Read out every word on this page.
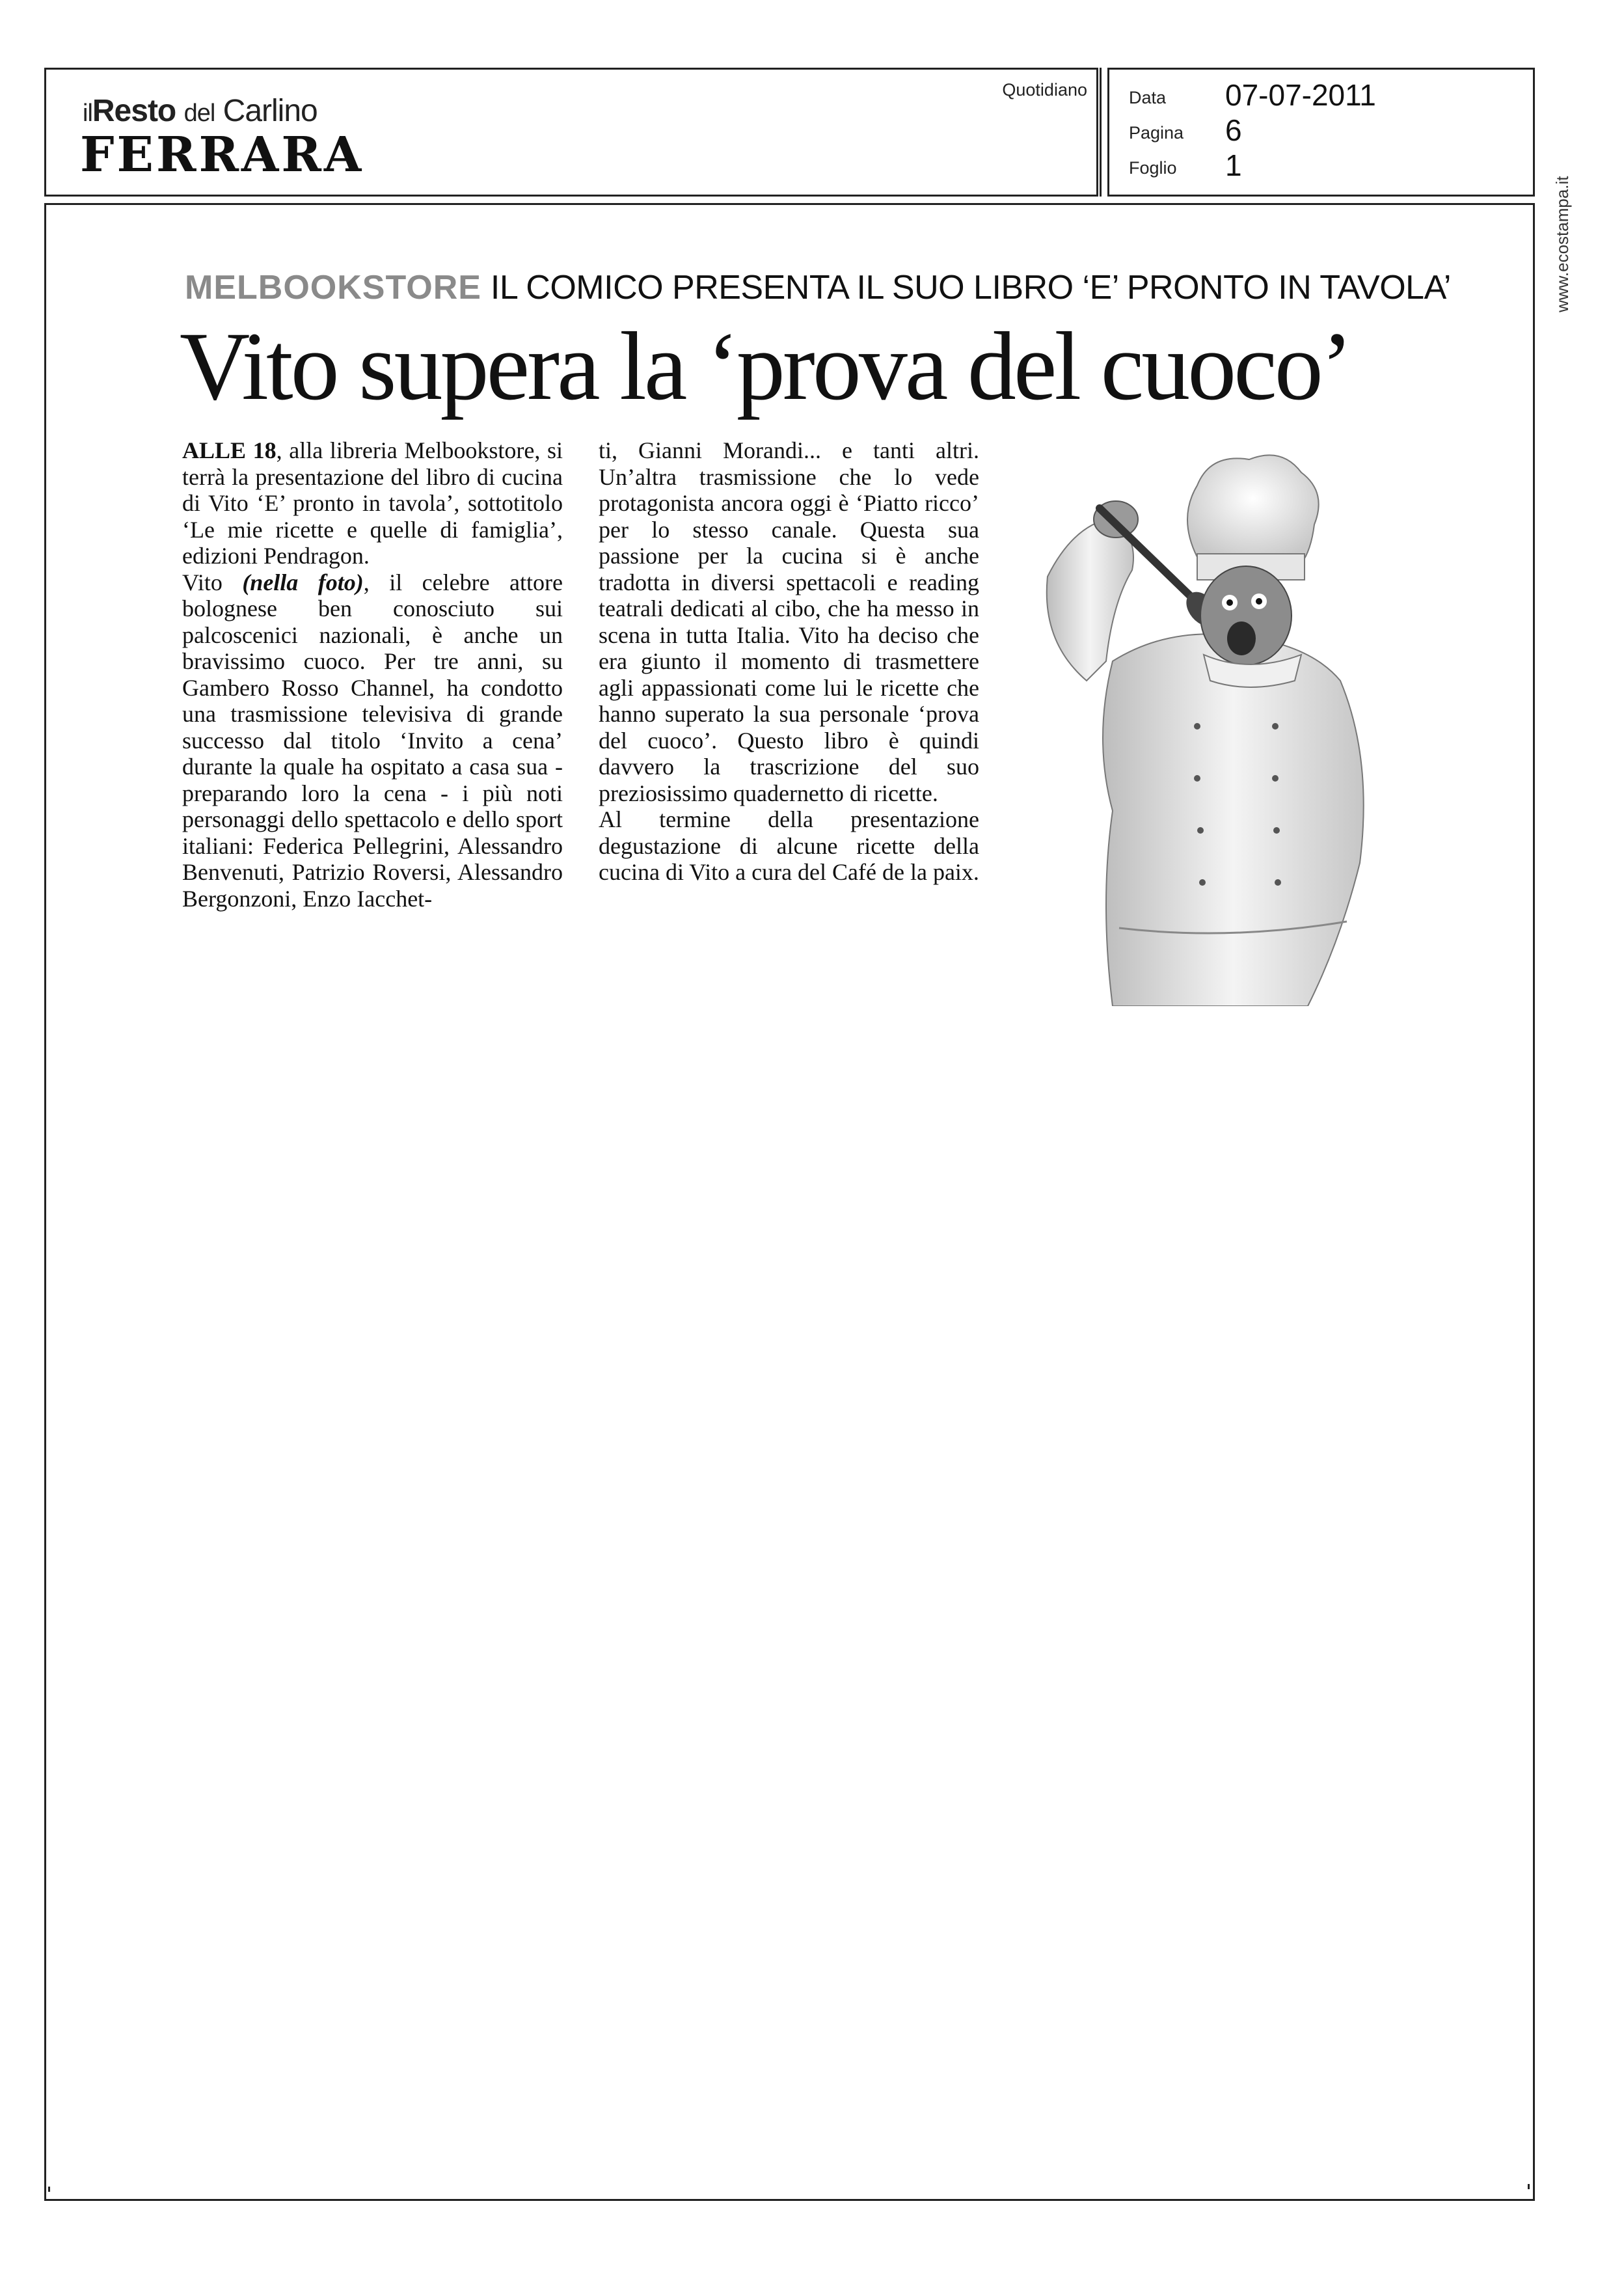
ilResto del Carlino
FERRARA
Quotidiano Data 07-07-2011
Pagina 6
Foglio 1
www.ecostampa.it
MELBOOKSTORE IL COMICO PRESENTA IL SUO LIBRO ‘E’ PRONTO IN TAVOLA’
Vito supera la ‘prova del cuoco’

ALLE 18, alla libreria Melbookstore, si terrà la presentazione del libro di cucina di Vito ‘E’ pronto in tavola’, sottotitolo ‘Le mie ricette e quelle di famiglia’, edizioni Pendragon.

Vito (nella foto), il celebre attore bolognese ben conosciuto sui palcoscenici nazionali, è anche un bravissimo cuoco. Per tre anni, su Gambero Rosso Channel, ha condotto una trasmissione televisiva di grande successo dal titolo ‘Invito a cena’ durante la quale ha ospitato a casa sua - preparando loro la cena - i più noti personaggi dello spettacolo e dello sport italiani: Federica Pellegrini, Alessandro Benvenuti, Patrizio Roversi, Alessandro Bergonzoni, Enzo Iacchet-

ti, Gianni Morandi... e tanti altri. Un’altra trasmissione che lo vede protagonista ancora oggi è ‘Piatto ricco’ per lo stesso canale. Questa sua passione per la cucina si è anche tradotta in diversi spettacoli e reading teatrali dedicati al cibo, che ha messo in scena in tutta Italia. Vito ha deciso che era giunto il momento di trasmettere agli appassionati come lui le ricette che hanno superato la sua personale ‘prova del cuoco’. Questo libro è quindi davvero la trascrizione del suo preziosissimo quadernetto di ricette.

Al termine della presentazione degustazione di alcune ricette della cucina di Vito a cura del Café de la paix.
